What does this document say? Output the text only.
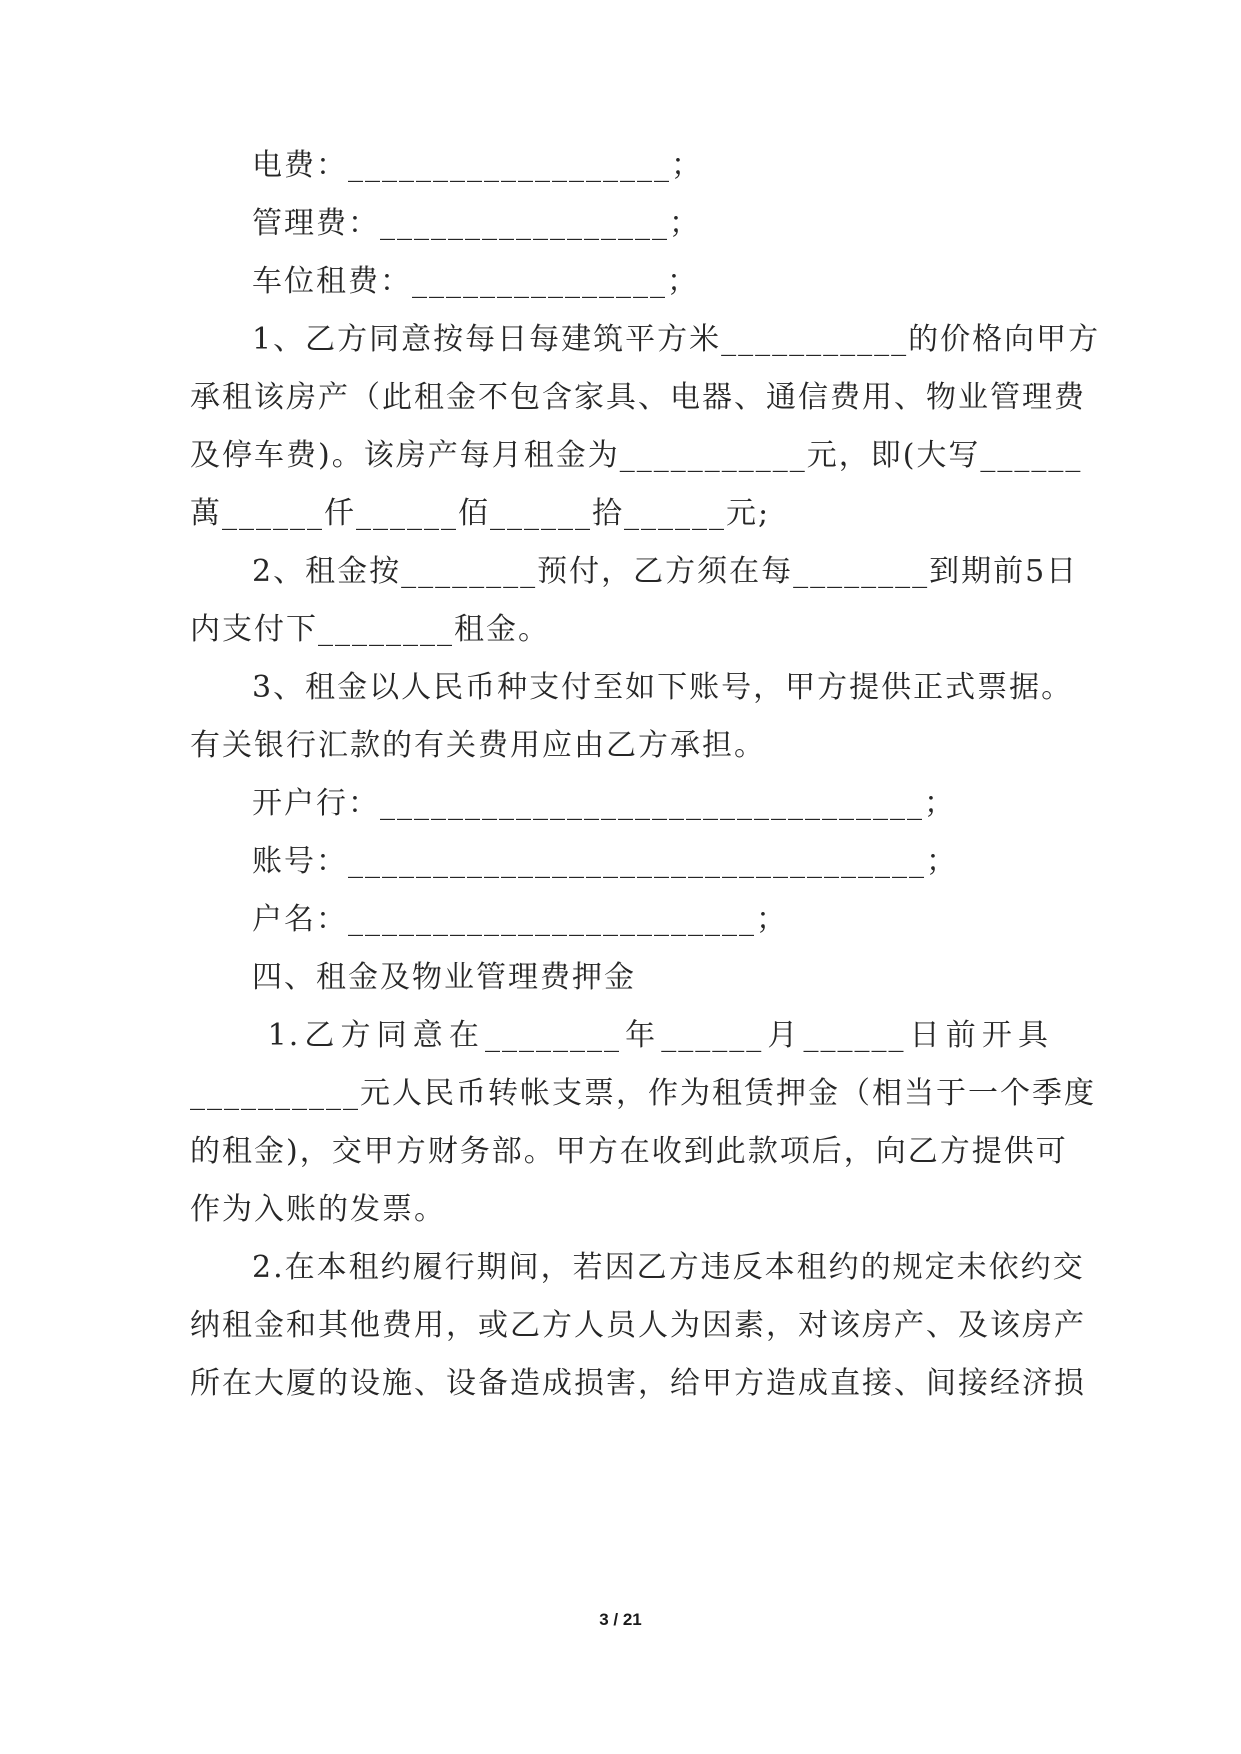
电费：___________________；
管理费：_________________；
车位租费：_______________；
1、乙方同意按每日每建筑平方米___________的价格向甲方
承租该房产（此租金不包含家具、电器、通信费用、物业管理费
及停车费)。该房产每月租金为___________元，即(大写______
萬______仟______佰______拾______元;
2、租金按________预付，乙方须在每________到期前5日
内支付下________租金。
3、租金以人民币种支付至如下账号，甲方提供正式票据。
有关银行汇款的有关费用应由乙方承担。
开户行：________________________________；
账号：__________________________________；
户名：________________________；
四、租金及物业管理费押金
1.乙方同意在________年______月______日前开具
__________元人民币转帐支票，作为租赁押金（相当于一个季度
的租金)，交甲方财务部。甲方在收到此款项后，向乙方提供可
作为入账的发票。
2.在本租约履行期间，若因乙方违反本租约的规定未依约交
纳租金和其他费用，或乙方人员人为因素，对该房产、及该房产
所在大厦的设施、设备造成损害，给甲方造成直接、间接经济损
3 / 21
